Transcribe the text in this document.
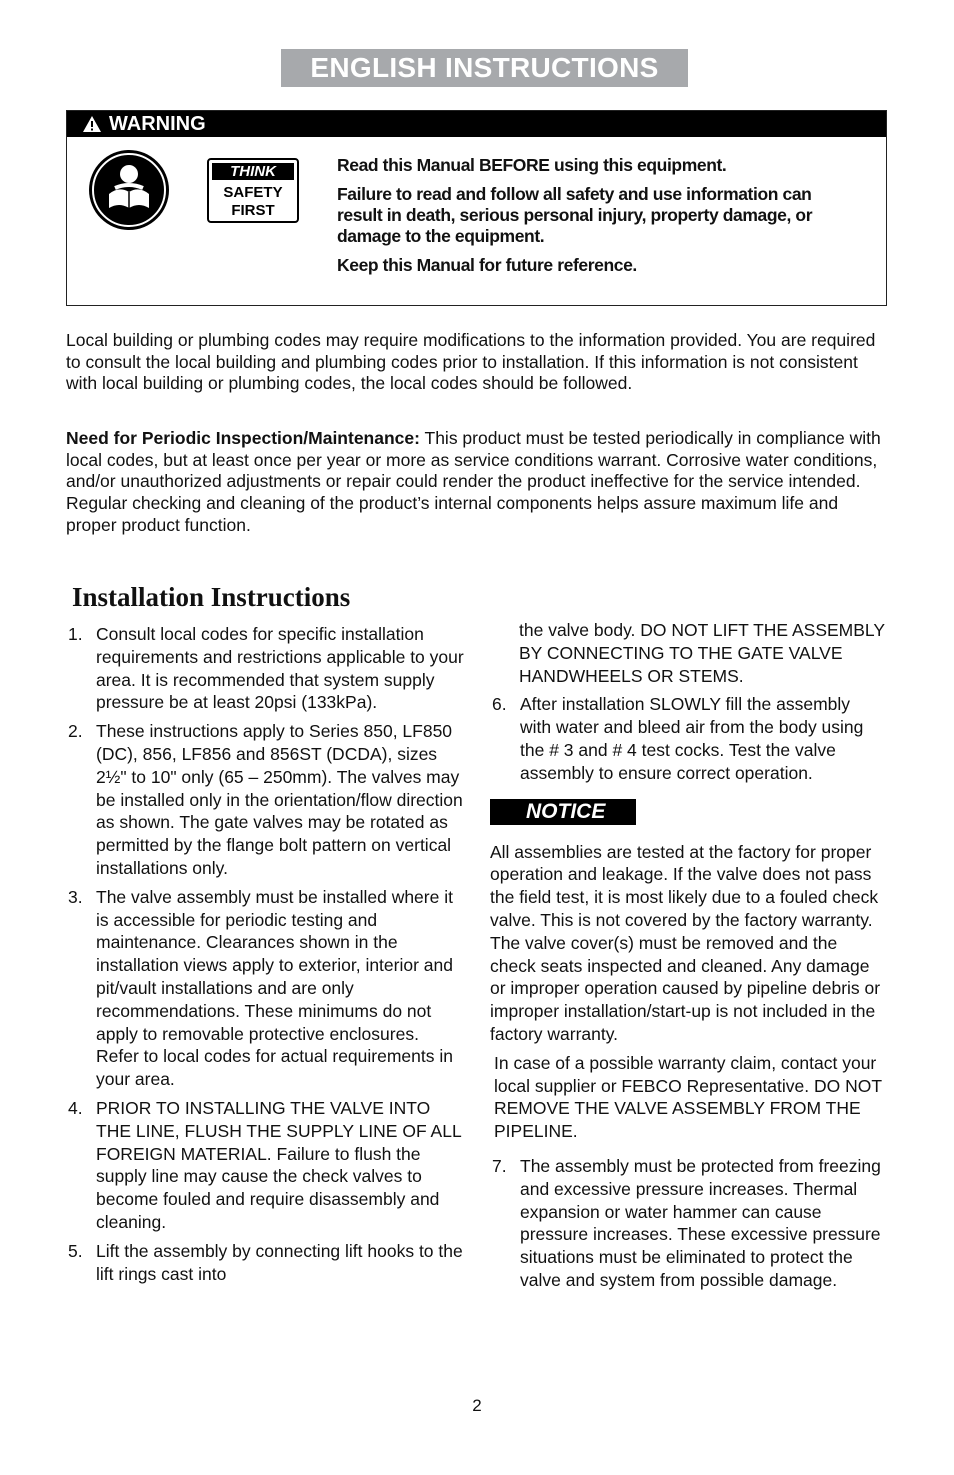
ENGLISH INSTRUCTIONS
WARNING
THINK
SAFETY
FIRST

Read this Manual BEFORE using this equipment.

Failure to read and follow all safety and use information can result in death, serious personal injury, property damage, or damage to the equipment.

Keep this Manual for future reference.

Local building or plumbing codes may require modifications to the information provided. You are required to consult the local building and plumbing codes prior to installation. If this information is not consistent with local building or plumbing codes, the local codes should be followed.
Need for Periodic Inspection/Maintenance: This product must be tested periodically in compliance with local codes, but at least once per year or more as service conditions warrant. Corrosive water conditions, and/or unauthorized adjustments or repair could render the product ineffective for the service intended. Regular checking and cleaning of the product’s internal components helps assure maximum life and proper product function.
Installation Instructions
1. Consult local codes for specific installation requirements and restrictions applicable to your area. It is recommended that system supply pressure be at least 20psi (133kPa).
2. These instructions apply to Series 850, LF850 (DC), 856, LF856 and 856ST (DCDA), sizes 2½" to 10" only (65 – 250mm). The valves may be installed only in the orientation/flow direction as shown. The gate valves may be rotated as permitted by the flange bolt pattern on vertical installations only.
3. The valve assembly must be installed where it is accessible for periodic testing and maintenance. Clearances shown in the installation views apply to exterior, interior and pit/vault installations and are only recommendations. These minimums do not apply to removable protective enclosures. Refer to local codes for actual requirements in your area.
4. PRIOR TO INSTALLING THE VALVE INTO THE LINE, FLUSH THE SUPPLY LINE OF ALL FOREIGN MATERIAL. Failure to flush the supply line may cause the check valves to become fouled and require disassembly and cleaning.
5. Lift the assembly by connecting lift hooks to the lift rings cast into
the valve body. DO NOT LIFT THE ASSEMBLY BY CONNECTING TO THE GATE VALVE HANDWHEELS OR STEMS.
6. After installation SLOWLY fill the assembly with water and bleed air from the body using the # 3 and # 4 test cocks. Test the valve assembly to ensure correct operation.
NOTICE
All assemblies are tested at the factory for proper operation and leakage. If the valve does not pass the field test, it is most likely due to a fouled check valve. This is not covered by the factory warranty. The valve cover(s) must be removed and the check seats inspected and cleaned. Any damage or improper operation caused by pipeline debris or improper installation/start-up is not included in the factory warranty.
In case of a possible warranty claim, contact your local supplier or FEBCO Representative. DO NOT REMOVE THE VALVE ASSEMBLY FROM THE PIPELINE.
7. The assembly must be protected from freezing and excessive pressure increases. Thermal expansion or water hammer can cause pressure increases. These excessive pressure situations must be eliminated to protect the valve and system from possible damage.
2
